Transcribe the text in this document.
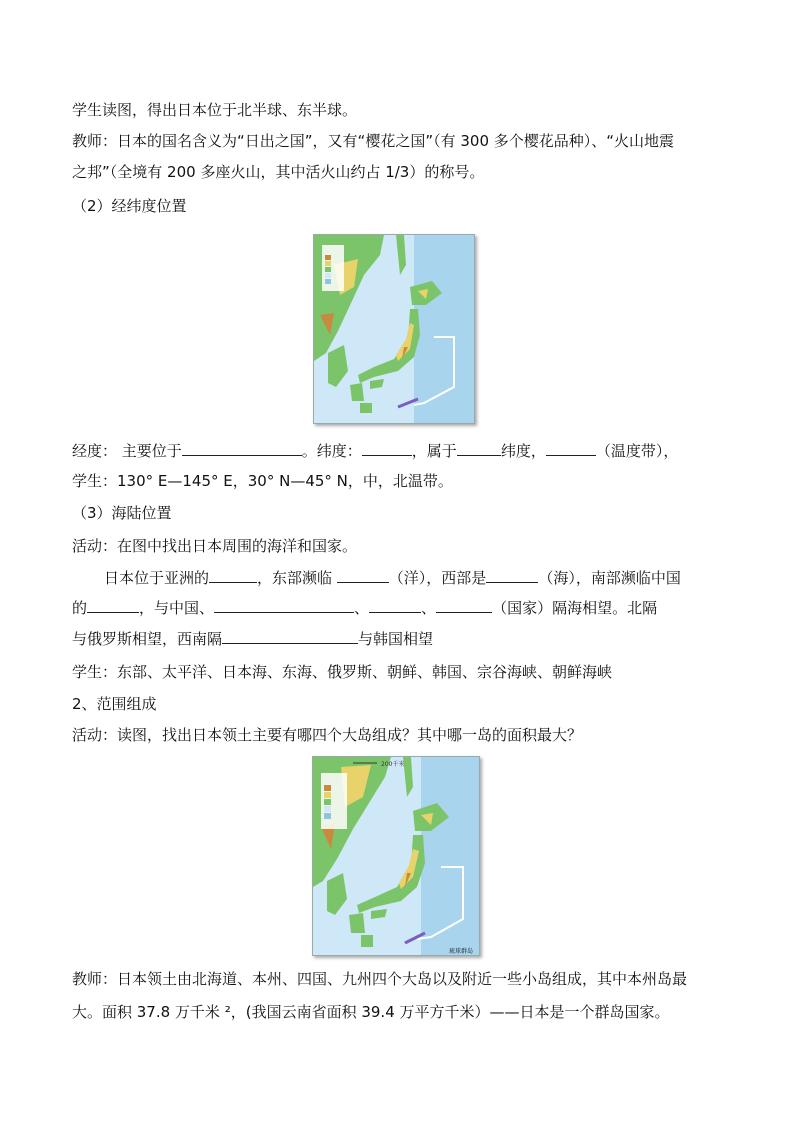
学生读图，得出日本位于北半球、东半球。
教师：日本的国名含义为“日出之国”，又有“樱花之国”（有 300 多个樱花品种）、“火山地震
之邦”（全境有 200 多座火山，其中活火山约占 1/3）的称号。
（2）经纬度位置
经度： 主要位于	。纬度：	，属于	纬度，	（温度带），
学生：130° E—145° E，30° N—45° N，中，北温带。
（3）海陆位置
活动：在图中找出日本周围的海洋和国家。
日本位于亚洲的	，东部濒临	（洋），西部是	（海），南部濒临中国
的	，与中国、	、	、	（国家）隔海相望。北隔
与俄罗斯相望，西南隔	与韩国相望
学生：东部、太平洋、日本海、东海、俄罗斯、朝鲜、韩国、宗谷海峡、朝鲜海峡
2、范围组成
活动：读图，找出日本领土主要有哪四个大岛组成？其中哪一岛的面积最大？
200千米
琉球群岛
教师：日本领土由北海道、本州、四国、九州四个大岛以及附近一些小岛组成，其中本州岛最
大。面积 37.8 万千米 ²，(我国云南省面积 39.4 万平方千米）——日本是一个群岛国家。
